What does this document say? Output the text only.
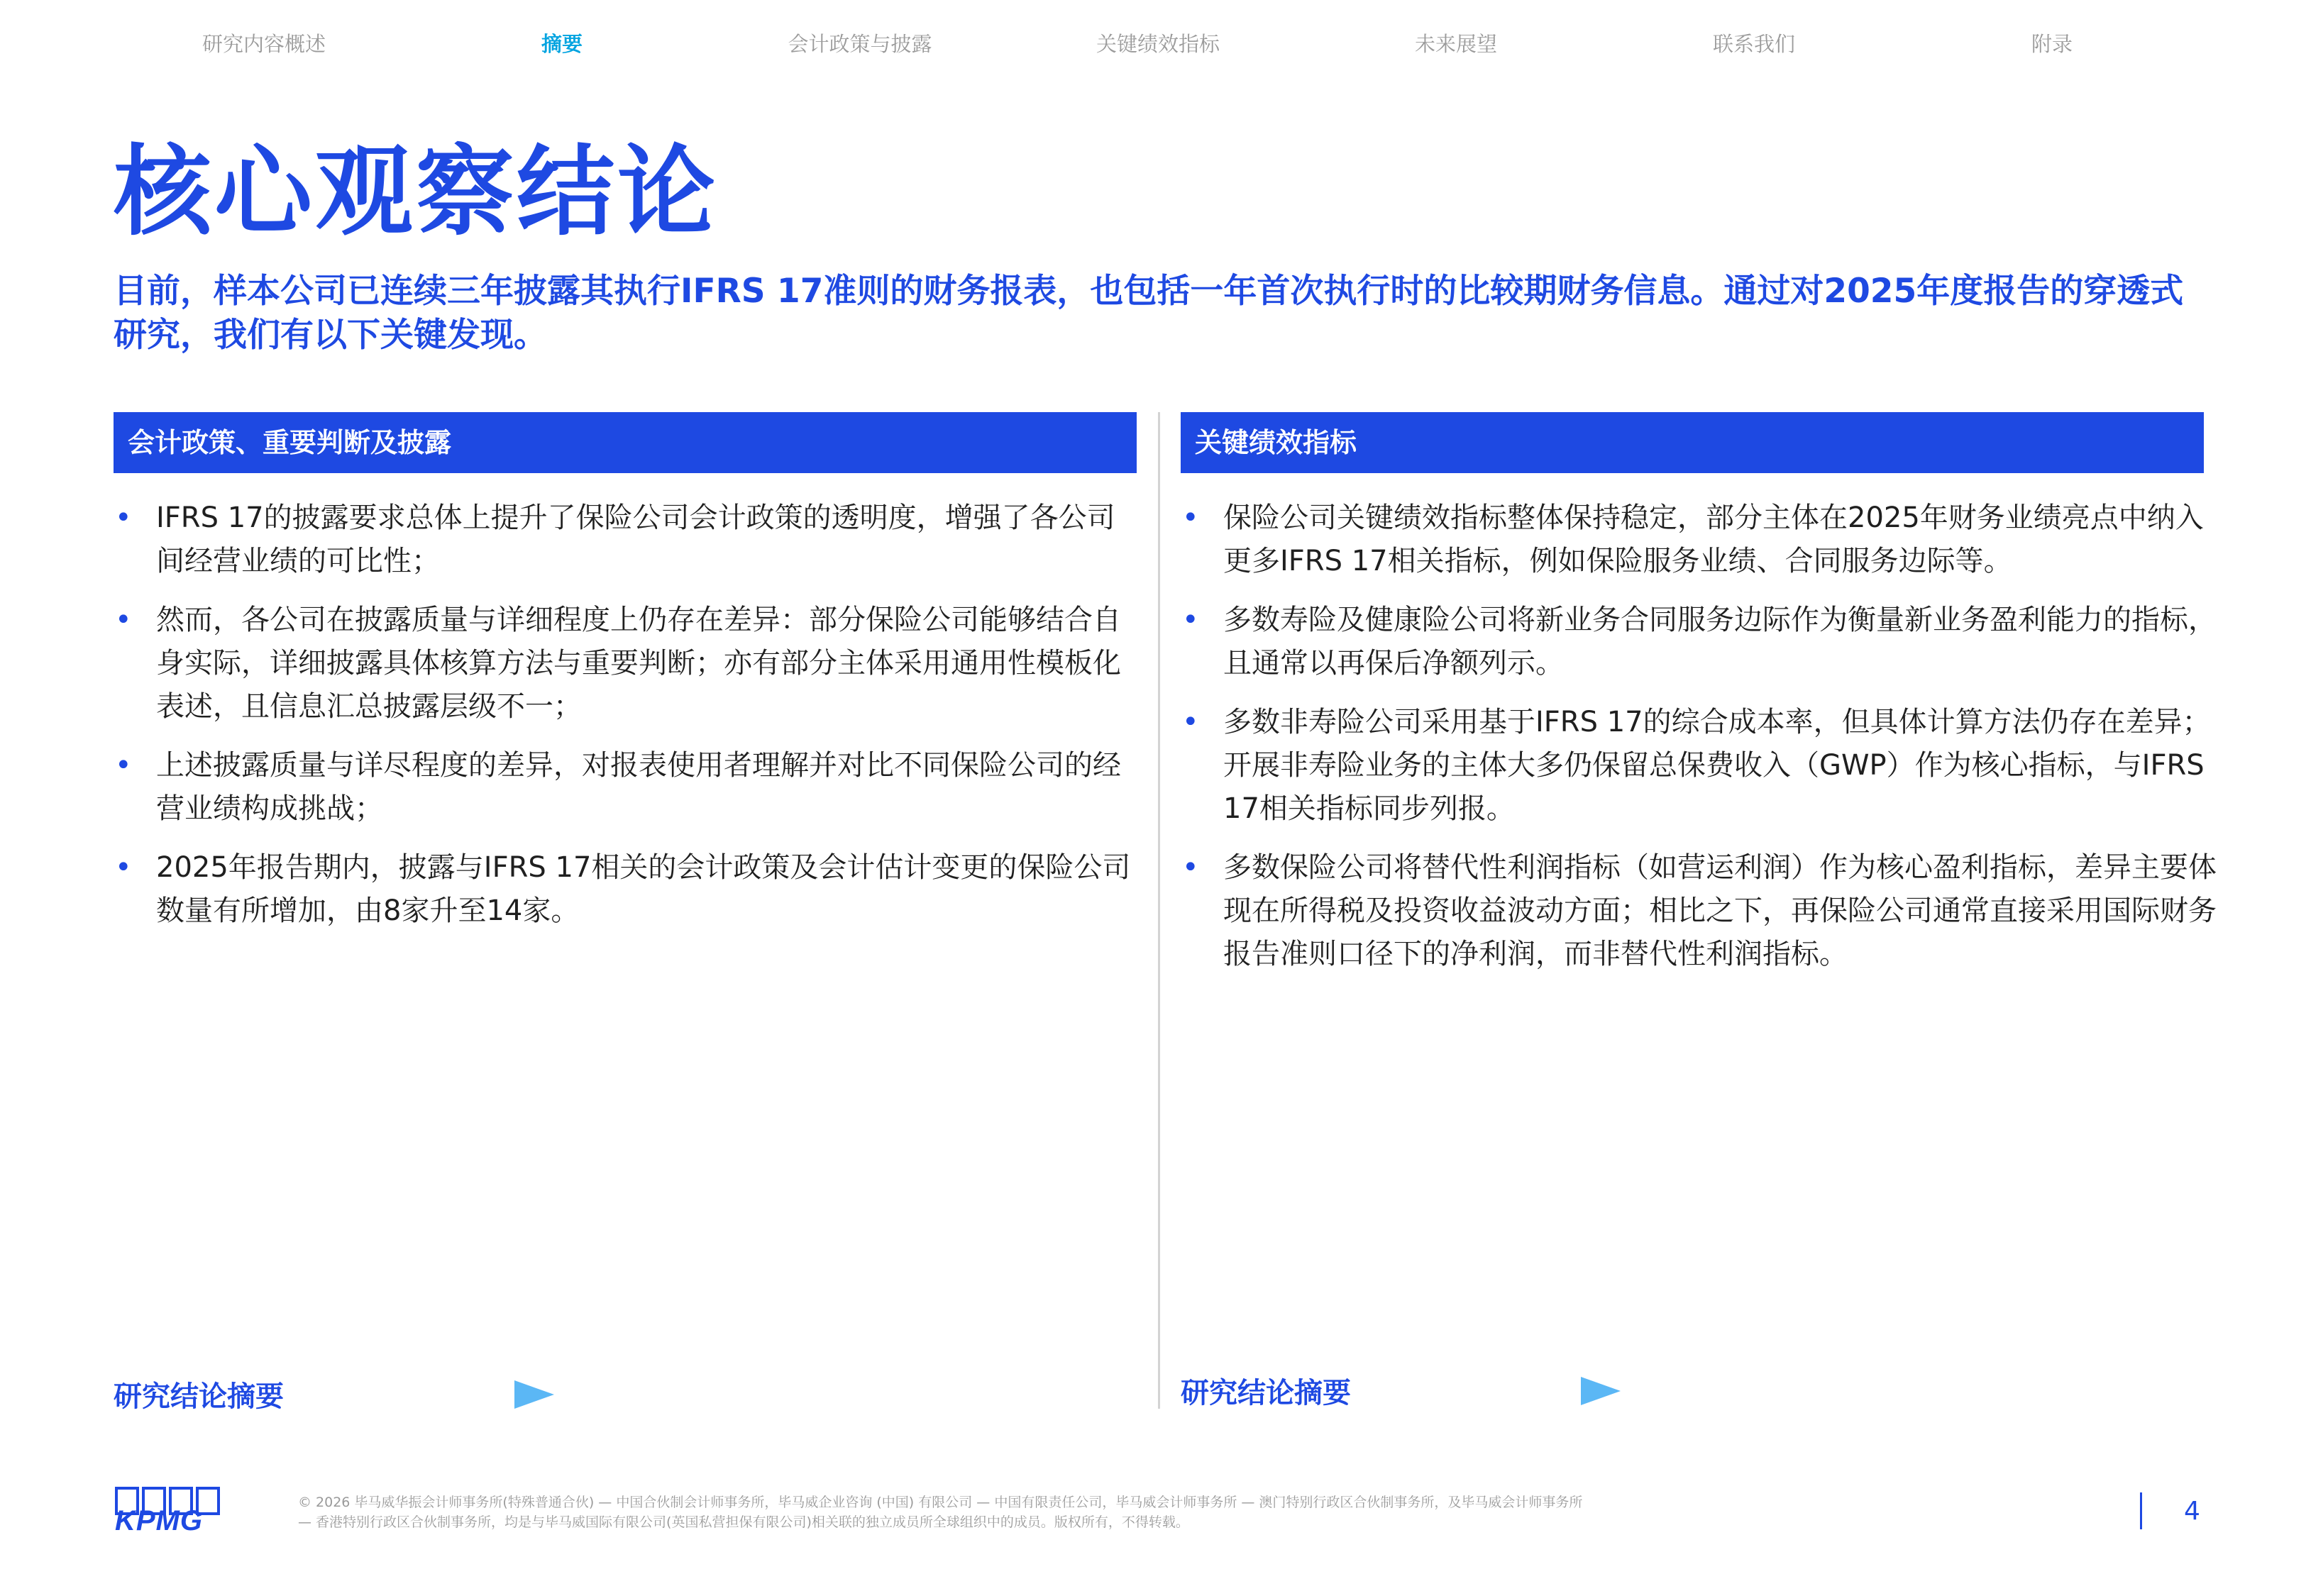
研究内容概述	摘要	会计政策与披露	关键绩效指标	未来展望	联系我们	附录
核心观察结论

目前，样本公司已连续三年披露其执行IFRS 17准则的财务报表，也包括一年首次执行时的比较期财务信息。通过对2025年度报告的穿透式研究，我们有以下关键发现。

会计政策、重要判断及披露	关键绩效指标
• IFRS 17的披露要求总体上提升了保险公司会计政策的透明度，增强了各公司间经营业绩的可比性；
• 然而，各公司在披露质量与详细程度上仍存在差异：部分保险公司能够结合自身实际，详细披露具体核算方法与重要判断；亦有部分主体采用通用性模板化表述，且信息汇总披露层级不一；
• 上述披露质量与详尽程度的差异，对报表使用者理解并对比不同保险公司的经营业绩构成挑战；
• 2025年报告期内，披露与IFRS 17相关的会计政策及会计估计变更的保险公司数量有所增加，由8家升至14家。
• 保险公司关键绩效指标整体保持稳定，部分主体在2025年财务业绩亮点中纳入更多IFRS 17相关指标，例如保险服务业绩、合同服务边际等。
• 多数寿险及健康险公司将新业务合同服务边际作为衡量新业务盈利能力的指标，且通常以再保后净额列示。
• 多数非寿险公司采用基于IFRS 17的综合成本率，但具体计算方法仍存在差异；开展非寿险业务的主体大多仍保留总保费收入（GWP）作为核心指标，与IFRS 17相关指标同步列报。
• 多数保险公司将替代性利润指标（如营运利润）作为核心盈利指标，差异主要体现在所得税及投资收益波动方面；相比之下，再保险公司通常直接采用国际财务报告准则口径下的净利润，而非替代性利润指标。
研究结论摘要	研究结论摘要
KPMG

© 2026 毕马威华振会计师事务所(特殊普通合伙) — 中国合伙制会计师事务所，毕马威企业咨询 (中国) 有限公司 — 中国有限责任公司，毕马威会计师事务所 — 澳门特别行政区合伙制事务所，及毕马威会计师事务所 — 香港特别行政区合伙制事务所，均是与毕马威国际有限公司(英国私营担保有限公司)相关联的独立成员所全球组织中的成员。版权所有，不得转载。	4
